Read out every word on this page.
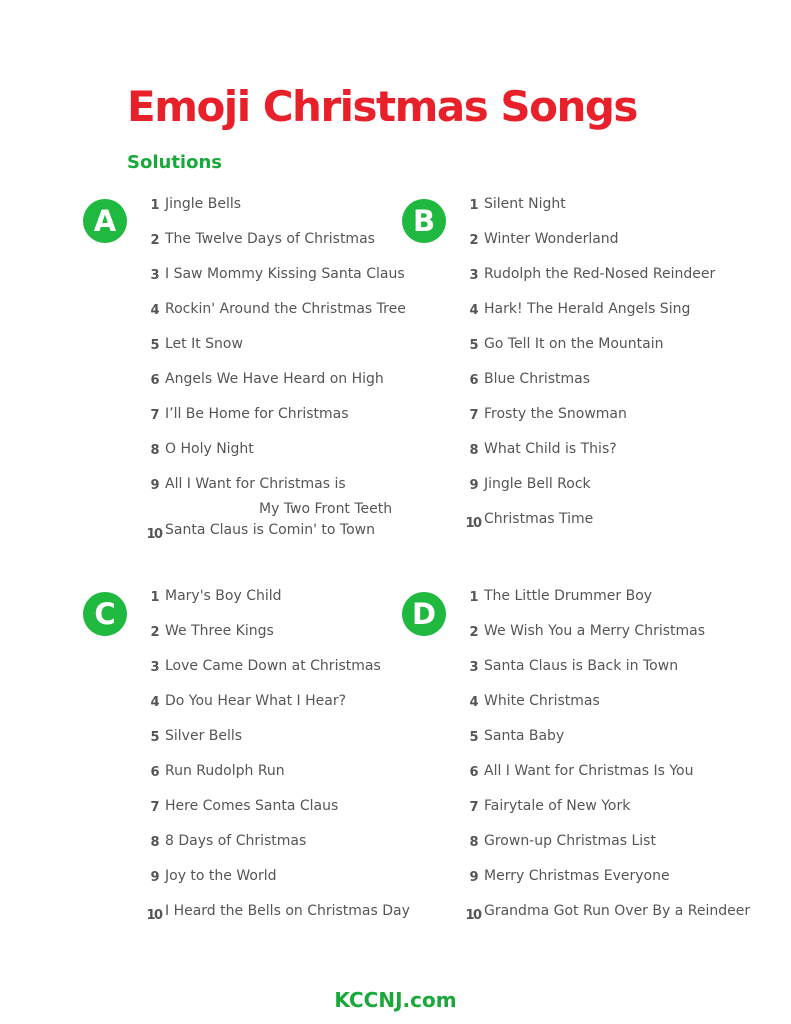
Emoji Christmas Songs
Solutions
A	B
C	D
1 Jingle Bells
2 The Twelve Days of Christmas
3 I Saw Mommy Kissing Santa Claus
4 Rockin' Around the Christmas Tree
5 Let It Snow
6 Angels We Have Heard on High
7 I’ll Be Home for Christmas
8 O Holy Night
9 All I Want for Christmas is
My Two Front Teeth
10 Santa Claus is Comin' to Town
1 Silent Night
2 Winter Wonderland
3 Rudolph the Red-Nosed Reindeer
4 Hark! The Herald Angels Sing
5 Go Tell It on the Mountain
6 Blue Christmas
7 Frosty the Snowman
8 What Child is This?
9 Jingle Bell Rock
10 Christmas Time
1 Mary's Boy Child
2 We Three Kings
3 Love Came Down at Christmas
4 Do You Hear What I Hear?
5 Silver Bells
6 Run Rudolph Run
7 Here Comes Santa Claus
8 8 Days of Christmas
9 Joy to the World
10 I Heard the Bells on Christmas Day
1 The Little Drummer Boy
2 We Wish You a Merry Christmas
3 Santa Claus is Back in Town
4 White Christmas
5 Santa Baby
6 All I Want for Christmas Is You
7 Fairytale of New York
8 Grown-up Christmas List
9 Merry Christmas Everyone
10 Grandma Got Run Over By a Reindeer
KCCNJ.com
